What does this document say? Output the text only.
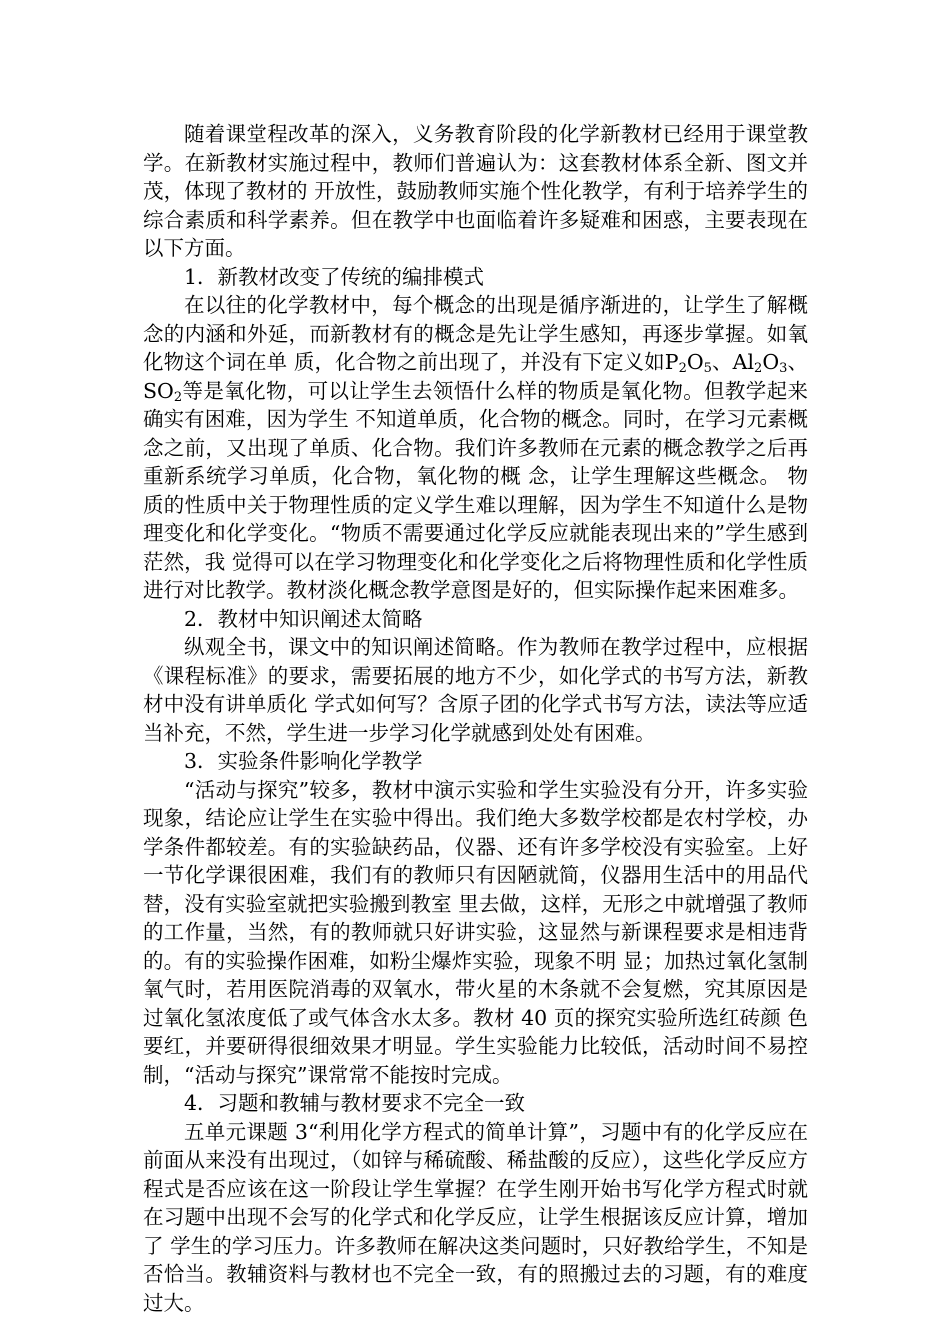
随着课堂程改革的深入，义务教育阶段的化学新教材已经用于课堂教学。在新教材实施过程中，教师们普遍认为：这套教材体系全新、图文并茂，体现了教材的 开放性，鼓励教师实施个性化教学，有利于培养学生的综合素质和科学素养。但在教学中也面临着许多疑难和困惑，主要表现在以下方面。

1．新教材改变了传统的编排模式

在以往的化学教材中，每个概念的出现是循序渐进的，让学生了解概念的内涵和外延，而新教材有的概念是先让学生感知，再逐步掌握。如氧化物这个词在单 质，化合物之前出现了，并没有下定义如$P_2O_5$、$Al_2O_3$、$SO_2$等是氧化物，可以让学生去领悟什么样的物质是氧化物。但教学起来确实有困难，因为学生 不知道单质，化合物的概念。同时，在学习元素概念之前，又出现了单质、化合物。我们许多教师在元素的概念教学之后再重新系统学习单质，化合物，氧化物的概 念，让学生理解这些概念。 物质的性质中关于物理性质的定义学生难以理解，因为学生不知道什么是物理变化和化学变化。“物质不需要通过化学反应就能表现出来的”学生感到茫然，我 觉得可以在学习物理变化和化学变化之后将物理性质和化学性质进行对比教学。教材淡化概念教学意图是好的，但实际操作起来困难多。

2．教材中知识阐述太简略

纵观全书，课文中的知识阐述简略。作为教师在教学过程中，应根据《课程标准》的要求，需要拓展的地方不少，如化学式的书写方法，新教材中没有讲单质化 学式如何写？含原子团的化学式书写方法，读法等应适当补充，不然，学生进一步学习化学就感到处处有困难。

3．实验条件影响化学教学

“活动与探究”较多，教材中演示实验和学生实验没有分开，许多实验现象，结论应让学生在实验中得出。我们绝大多数学校都是农村学校，办学条件都较差。有的实验缺药品，仪器、还有许多学校没有实验室。上好一节化学课很困难，我们有的教师只有因陋就简，仪器用生活中的用品代替，没有实验室就把实验搬到教室 里去做，这样，无形之中就增强了教师的工作量，当然，有的教师就只好讲实验，这显然与新课程要求是相违背的。有的实验操作困难，如粉尘爆炸实验，现象不明 显；加热过氧化氢制氧气时，若用医院消毒的双氧水，带火星的木条就不会复燃，究其原因是过氧化氢浓度低了或气体含水太多。教材 40 页的探究实验所选红砖颜 色要红，并要研得很细效果才明显。学生实验能力比较低，活动时间不易控制，“活动与探究”课常常不能按时完成。

4．习题和教辅与教材要求不完全一致

五单元课题 3“利用化学方程式的简单计算”，习题中有的化学反应在前面从来没有出现过，（如锌与稀硫酸、稀盐酸的反应），这些化学反应方程式是否应该在这一阶段让学生掌握？在学生刚开始书写化学方程式时就在习题中出现不会写的化学式和化学反应，让学生根据该反应计算，增加了 学生的学习压力。许多教师在解决这类问题时，只好教给学生，不知是否恰当。教辅资料与教材也不完全一致，有的照搬过去的习题，有的难度过大。
